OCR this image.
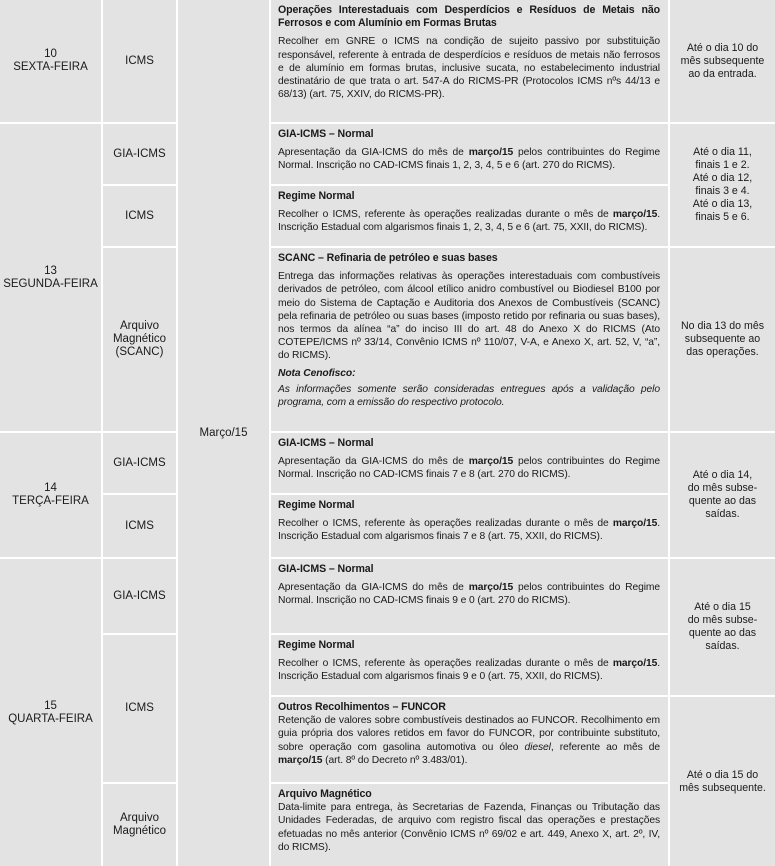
10
SEXTA-FEIRA
13
SEGUNDA-FEIRA
14
TERÇA-FEIRA
15
QUARTA-FEIRA
ICMS
GIA-ICMS
ICMS
Arquivo Magnético (SCANC)
GIA-ICMS
ICMS
GIA-ICMS
ICMS
Arquivo Magnético
Março/15
Operações Interestaduais com Desperdícios e Resíduos de Metais não Ferrosos e com Alumínio em Formas Brutas

Recolher em GNRE o ICMS na condição de sujeito passivo por substituição responsável, referente à entrada de desperdícios e resíduos de metais não ferrosos e de alumínio em formas brutas, inclusive sucata, no estabelecimento industrial destinatário de que trata o art. 547-A do RICMS-PR (Protocolos ICMS nºs 44/13 e 68/13) (art. 75, XXIV, do RICMS-PR).

GIA-ICMS – Normal

Apresentação da GIA-ICMS do mês de março/15 pelos contribuintes do Regime Normal. Inscrição no CAD-ICMS finais 1, 2, 3, 4, 5 e 6 (art. 270 do RICMS).

Regime Normal

Recolher o ICMS, referente às operações realizadas durante o mês de março/15. Inscrição Estadual com algarismos finais 1, 2, 3, 4, 5 e 6 (art. 75, XXII, do RICMS).

SCANC – Refinaria de petróleo e suas bases

Entrega das informações relativas às operações interestaduais com combustíveis derivados de petróleo, com álcool etílico anidro combustível ou Biodiesel B100 por meio do Sistema de Captação e Auditoria dos Anexos de Combustíveis (SCANC) pela refinaria de petróleo ou suas bases (imposto retido por refinaria ou suas bases), nos termos da alínea “a” do inciso III do art. 48 do Anexo X do RICMS (Ato COTEPE/ICMS nº 33/14, Convênio ICMS nº 110/07, V-A, e Anexo X, art. 52, V, “a”, do RICMS).

Nota Cenofisco:

As informações somente serão consideradas entregues após a validação pelo programa, com a emissão do respectivo protocolo.

GIA-ICMS – Normal

Apresentação da GIA-ICMS do mês de março/15 pelos contribuintes do Regime Normal. Inscrição no CAD-ICMS finais 7 e 8 (art. 270 do RICMS).

Regime Normal

Recolher o ICMS, referente às operações realizadas durante o mês de março/15. Inscrição Estadual com algarismos finais 7 e 8 (art. 75, XXII, do RICMS).

GIA-ICMS – Normal

Apresentação da GIA-ICMS do mês de março/15 pelos contribuintes do Regime Normal. Inscrição no CAD-ICMS finais 9 e 0 (art. 270 do RICMS).

Regime Normal

Recolher o ICMS, referente às operações realizadas durante o mês de março/15. Inscrição Estadual com algarismos finais 9 e 0 (art. 75, XXII, do RICMS).

Outros Recolhimentos – FUNCOR

Retenção de valores sobre combustíveis destinados ao FUNCOR. Recolhimento em guia própria dos valores retidos em favor do FUNCOR, por contribuinte substituto, sobre operação com gasolina automotiva ou óleo diesel, referente ao mês de março/15 (art. 8º do Decreto nº 3.483/01).

Arquivo Magnético

Data-limite para entrega, às Secretarias de Fazenda, Finanças ou Tributação das Unidades Federadas, de arquivo com registro fiscal das operações e prestações efetuadas no mês anterior (Convênio ICMS nº 69/02 e art. 449, Anexo X, art. 2º, IV, do RICMS).

Até o dia 10 do
mês subsequente
ao da entrada.
Até o dia 11,
finais 1 e 2.
Até o dia 12,
finais 3 e 4.
Até o dia 13,
finais 5 e 6.
No dia 13 do mês
subsequente ao
das operações.
Até o dia 14,
do mês subse-
quente ao das
saídas.
Até o dia 15
do mês subse-
quente ao das
saídas.
Até o dia 15 do
mês subsequente.
